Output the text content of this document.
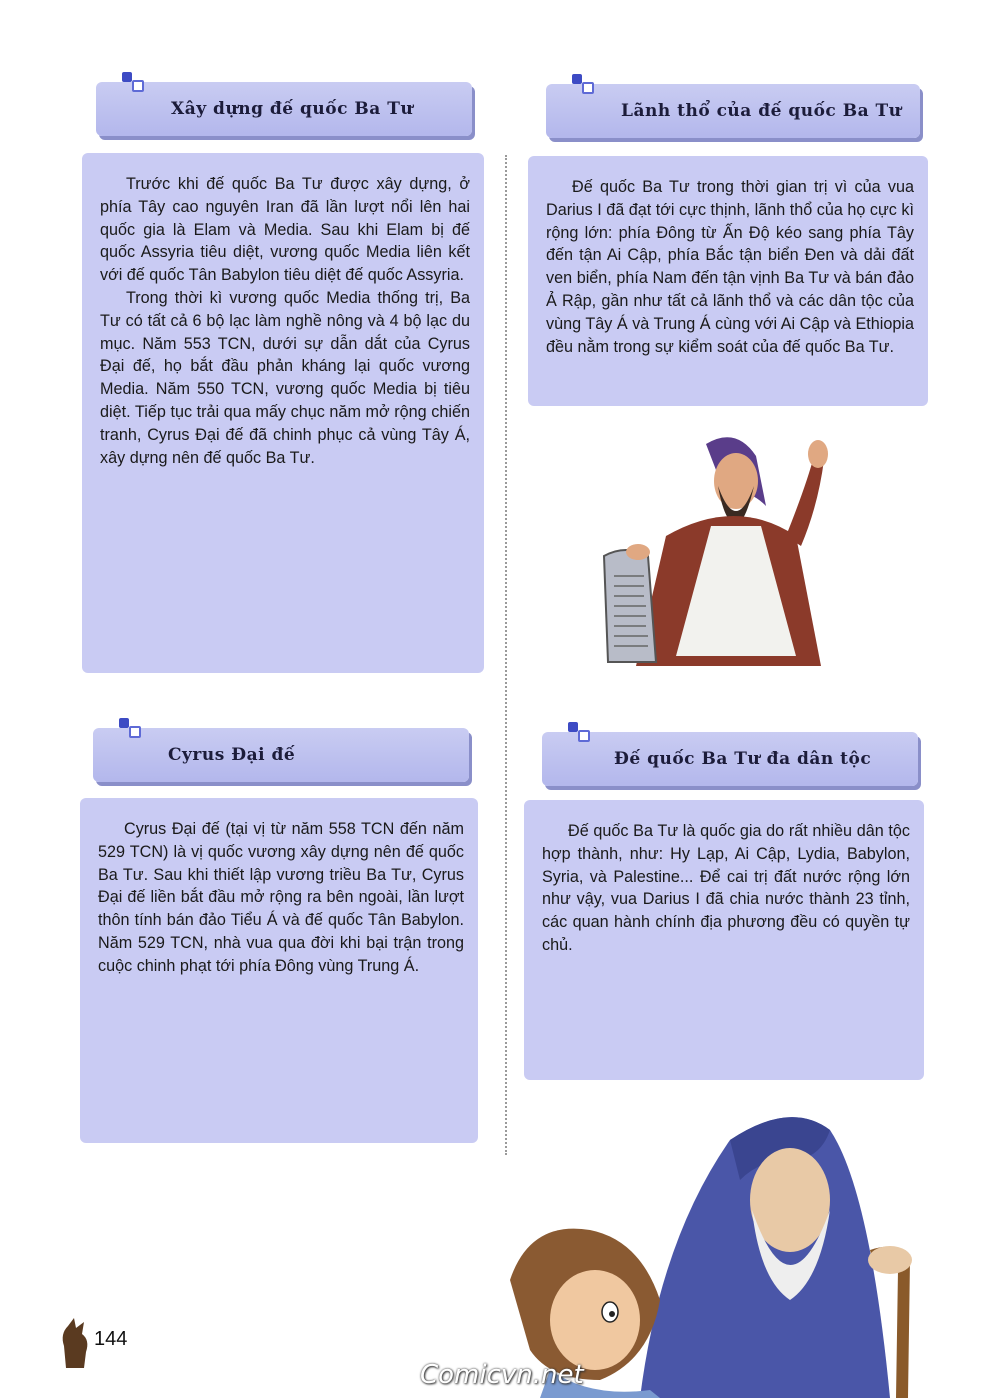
Xây dựng đế quốc Ba Tư

Trước khi đế quốc Ba Tư được xây dựng, ở phía Tây cao nguyên Iran đã lần lượt nổi lên hai quốc gia là Elam và Media. Sau khi Elam bị đế quốc Assyria tiêu diệt, vương quốc Media liên kết với đế quốc Tân Babylon tiêu diệt đế quốc Assyria.

Trong thời kì vương quốc Media thống trị, Ba Tư có tất cả 6 bộ lạc làm nghề nông và 4 bộ lạc du mục. Năm 553 TCN, dưới sự dẫn dắt của Cyrus Đại đế, họ bắt đầu phản kháng lại quốc vương Media. Năm 550 TCN, vương quốc Media bị tiêu diệt. Tiếp tục trải qua mấy chục năm mở rộng chiến tranh, Cyrus Đại đế đã chinh phục cả vùng Tây Á, xây dựng nên đế quốc Ba Tư.

Lãnh thổ của đế quốc Ba Tư

Đế quốc Ba Tư trong thời gian trị vì của vua Darius I đã đạt tới cực thịnh, lãnh thổ của họ cực kì rộng lớn: phía Đông từ Ấn Độ kéo sang phía Tây đến tận Ai Cập, phía Bắc tận biển Đen và dải đất ven biển, phía Nam đến tận vịnh Ba Tư và bán đảo Ả Rập, gần như tất cả lãnh thổ và các dân tộc của vùng Tây Á và Trung Á cùng với Ai Cập và Ethiopia đều nằm trong sự kiểm soát của đế quốc Ba Tư.

Cyrus Đại đế

Cyrus Đại đế (tại vị từ năm 558 TCN đến năm 529 TCN) là vị quốc vương xây dựng nên đế quốc Ba Tư. Sau khi thiết lập vương triều Ba Tư, Cyrus Đại đế liền bắt đầu mở rộng ra bên ngoài, lần lượt thôn tính bán đảo Tiểu Á và đế quốc Tân Babylon. Năm 529 TCN, nhà vua qua đời khi bại trận trong cuộc chinh phạt tới phía Đông vùng Trung Á.

Đế quốc Ba Tư đa dân tộc

Đế quốc Ba Tư là quốc gia do rất nhiều dân tộc hợp thành, như: Hy Lạp, Ai Cập, Lydia, Babylon, Syria, và Palestine... Để cai trị đất nước rộng lớn như vậy, vua Darius I đã chia nước thành 23 tỉnh, các quan hành chính địa phương đều có quyền tự chủ.

144
Comicvn.net
